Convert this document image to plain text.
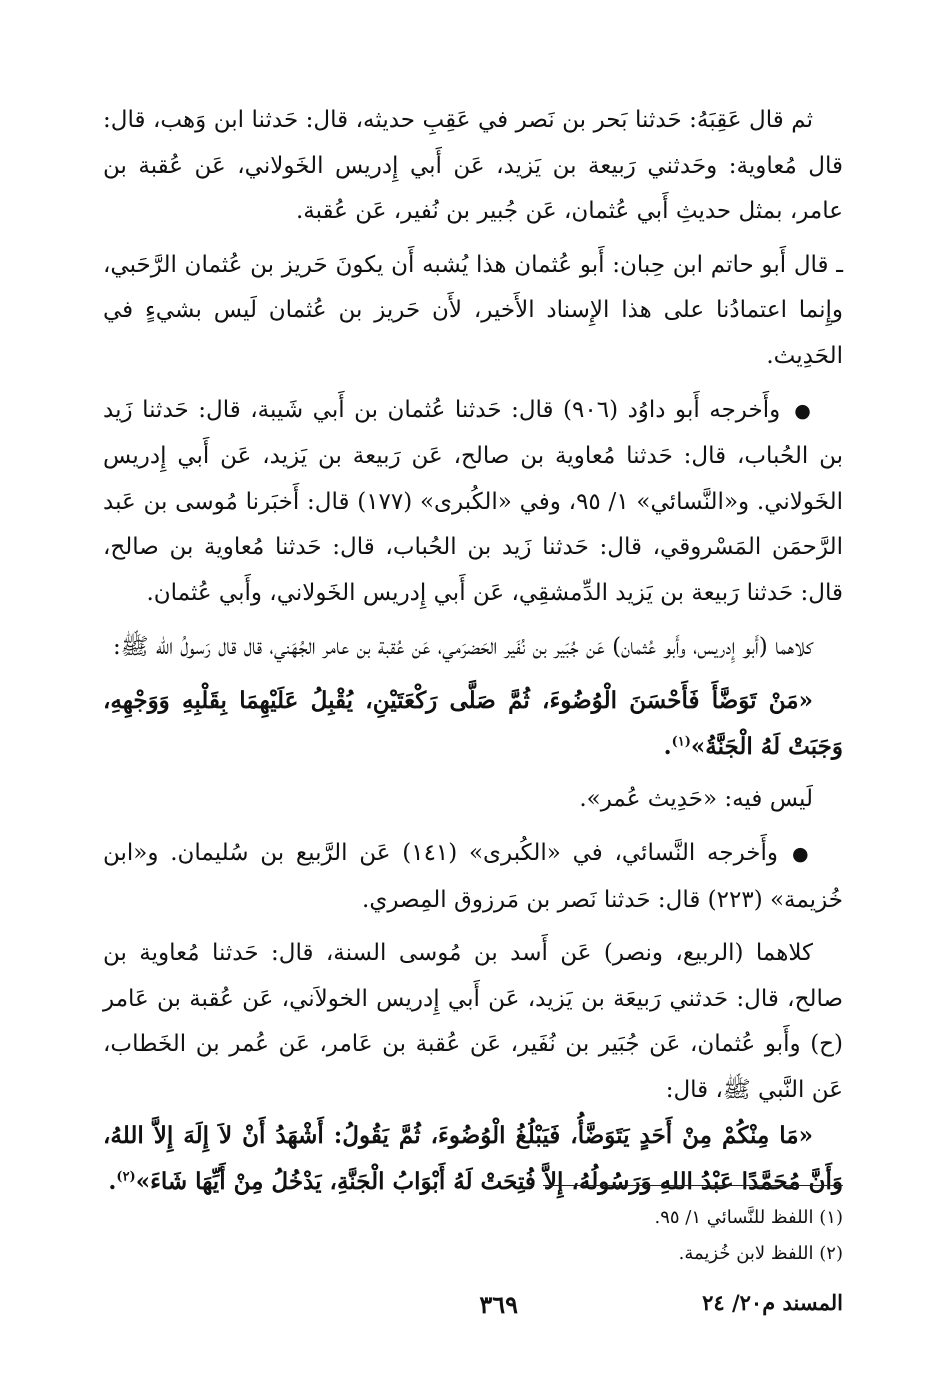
ثم قال عَقِبَهُ: حَدثنا بَحر بن نَصر في عَقِبِ حديثه، قال: حَدثنا ابن وَهب، قال: قال مُعاوية: وحَدثني رَبيعة بن يَزيد، عَن أَبي إِدريس الخَولاني، عَن عُقبة بن عامر، بمثل حديثِ أَبي عُثمان، عَن جُبير بن نُفير، عَن عُقبة.

ـ قال أَبو حاتم ابن حِبان: أَبو عُثمان هذا يُشبه أَن يكونَ حَريز بن عُثمان الرَّحَبي، وإِنما اعتمادُنا على هذا الإِسناد الأَخير، لأَن حَريز بن عُثمان لَيس بشيءٍ في الحَدِيث.

●وأَخرجه أَبو داوُد (٩٠٦) قال: حَدثنا عُثمان بن أَبي شَيبة، قال: حَدثنا زَيد بن الحُباب، قال: حَدثنا مُعاوية بن صالح، عَن رَبيعة بن يَزيد، عَن أَبي إِدريس الخَولاني. و«النَّسائي» ١/ ٩٥، وفي «الكُبرى» (١٧٧) قال: أَخبَرنا مُوسى بن عَبد الرَّحمَن المَسْروقي، قال: حَدثنا زَيد بن الحُباب، قال: حَدثنا مُعاوية بن صالح، قال: حَدثنا رَبيعة بن يَزيد الدِّمشقِي، عَن أَبي إِدريس الخَولاني، وأَبي عُثمان.

كلاهما (أَبو إِدريس، وأَبو عُثمان) عَن جُبَير بن نُفَير الحَضرَمي، عَن عُقبة بن عامر الجُهَني، قال قال رَسولُ الله ﷺ:

«مَنْ تَوَضَّأَ فَأَحْسَنَ الْوُضُوءَ، ثُمَّ صَلَّى رَكْعَتَيْنِ، يُقْبِلُ عَلَيْهِمَا بِقَلْبِهِ وَوَجْهِهِ، وَجَبَتْ لَهُ الْجَنَّةُ»$^{(١)}$.

لَيس فيه: «حَدِيث عُمر».

●وأَخرجه النَّسائي، في «الكُبرى» (١٤١) عَن الرَّبيع بن سُليمان. و«ابن خُزيمة» (٢٢٣) قال: حَدثنا نَصر بن مَرزوق المِصري.

كلاهما (الربيع، ونصر) عَن أَسد بن مُوسى السنة، قال: حَدثنا مُعاوية بن صالح، قال: حَدثني رَبيعَة بن يَزيد، عَن أَبي إِدريس الخولاَني، عَن عُقبة بن عَامر (ح) وأَبو عُثمان، عَن جُبَير بن نُفَير، عَن عُقبة بن عَامر، عَن عُمر بن الخَطاب، عَن النَّبي ﷺ، قال:

«مَا مِنْكُمْ مِنْ أَحَدٍ يَتَوَضَّأُ، فَيَبْلُغُ الْوُضُوءَ، ثُمَّ يَقُولُ: أَشْهَدُ أَنْ لاَ إِلَهَ إِلاَّ اللهُ، وَأَنَّ مُحَمَّدًا عَبْدُ اللهِ وَرَسُولُهُ، إِلاَّ فُتِحَتْ لَهُ أَبْوَابُ الْجَنَّةِ، يَدْخُلُ مِنْ أَيِّهَا شَاءَ»$^{(٢)}$.

(١) اللفظ للنَّسائي ١/ ٩٥.

(٢) اللفظ لابن خُزيمة.

المسند م٢٠/ ٢٤
٣٦٩
